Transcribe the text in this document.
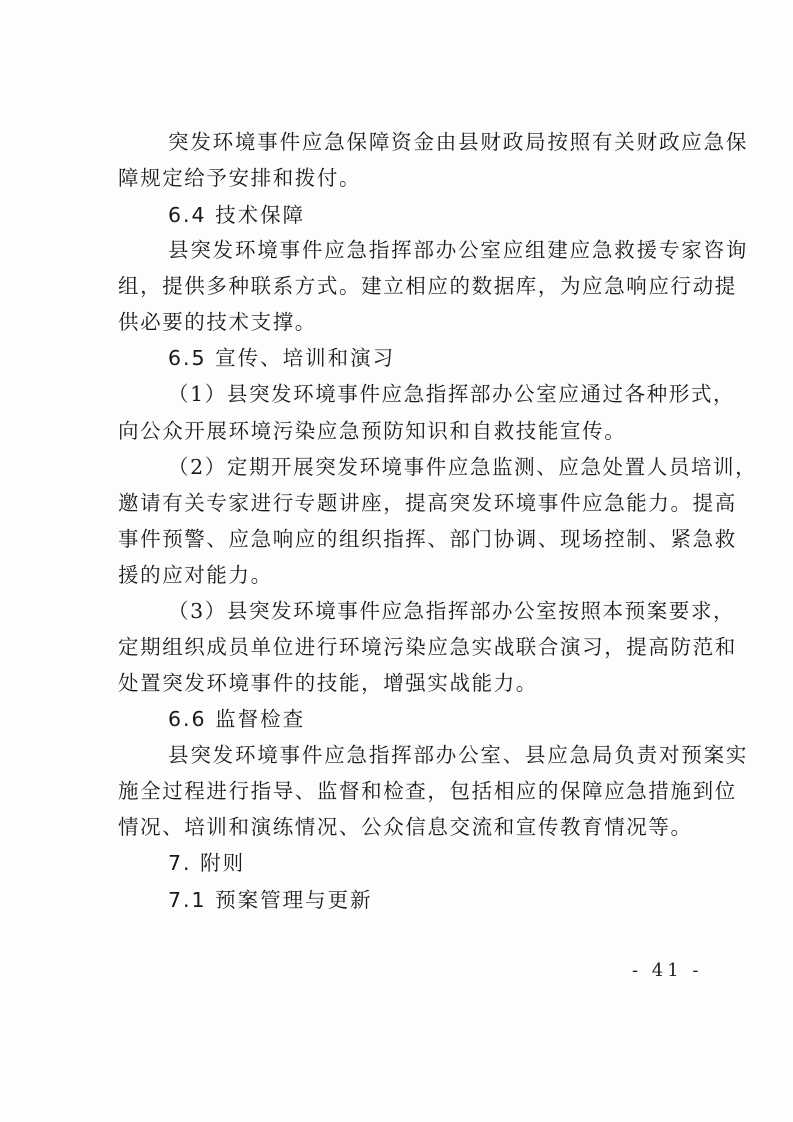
突发环境事件应急保障资金由县财政局按照有关财政应急保
障规定给予安排和拨付。
6.4 技术保障
县突发环境事件应急指挥部办公室应组建应急救援专家咨询
组，提供多种联系方式。建立相应的数据库，为应急响应行动提
供必要的技术支撑。
6.5 宣传、培训和演习
（1）县突发环境事件应急指挥部办公室应通过各种形式，
向公众开展环境污染应急预防知识和自救技能宣传。
（2）定期开展突发环境事件应急监测、应急处置人员培训，
邀请有关专家进行专题讲座，提高突发环境事件应急能力。提高
事件预警、应急响应的组织指挥、部门协调、现场控制、紧急救
援的应对能力。
（3）县突发环境事件应急指挥部办公室按照本预案要求，
定期组织成员单位进行环境污染应急实战联合演习，提高防范和
处置突发环境事件的技能，增强实战能力。
6.6 监督检查
县突发环境事件应急指挥部办公室、县应急局负责对预案实
施全过程进行指导、监督和检查，包括相应的保障应急措施到位
情况、培训和演练情况、公众信息交流和宣传教育情况等。
7. 附则
7.1 预案管理与更新
- 41 -
